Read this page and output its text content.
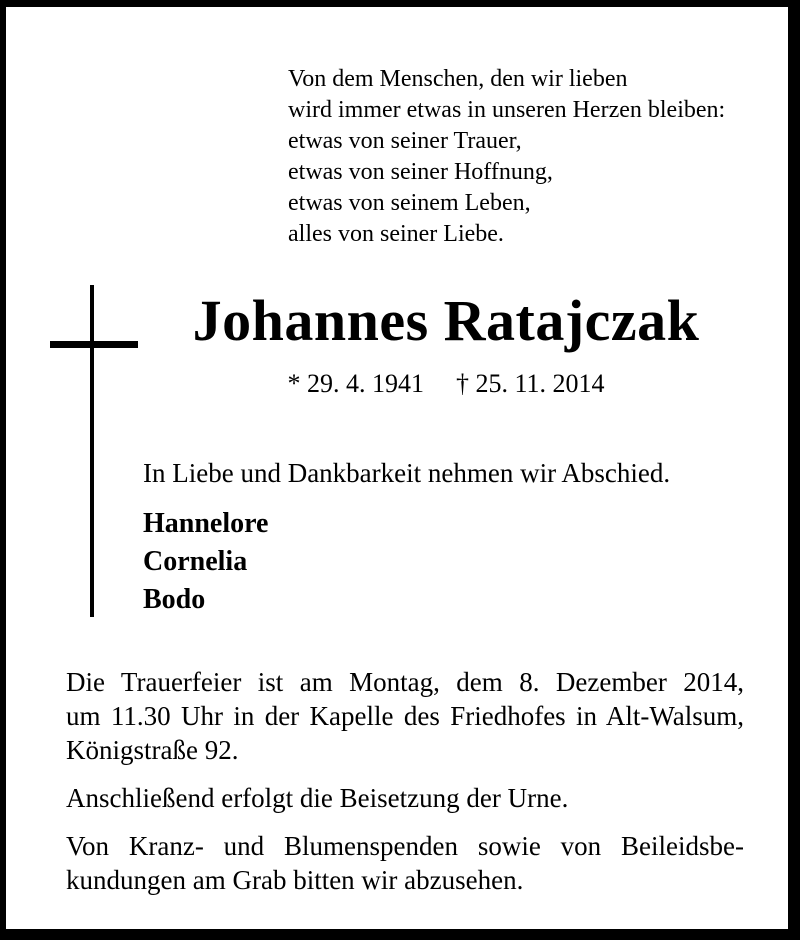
Von dem Menschen, den wir lieben
wird immer etwas in unseren Herzen bleiben:
etwas von seiner Trauer,
etwas von seiner Hoffnung,
etwas von seinem Leben,
alles von seiner Liebe.
Johannes Ratajczak
* 29. 4. 1941 † 25. 11. 2014
In Liebe und Dankbarkeit nehmen wir Abschied.
Hannelore
Cornelia
Bodo
Die Trauerfeier ist am Montag, dem 8. Dezember 2014,
um 11.30 Uhr in der Kapelle des Friedhofes in Alt-Walsum,
Königstraße 92.
Anschließend erfolgt die Beisetzung der Urne.
Von Kranz- und Blumenspenden sowie von Beileidsbe-
kundungen am Grab bitten wir abzusehen.
